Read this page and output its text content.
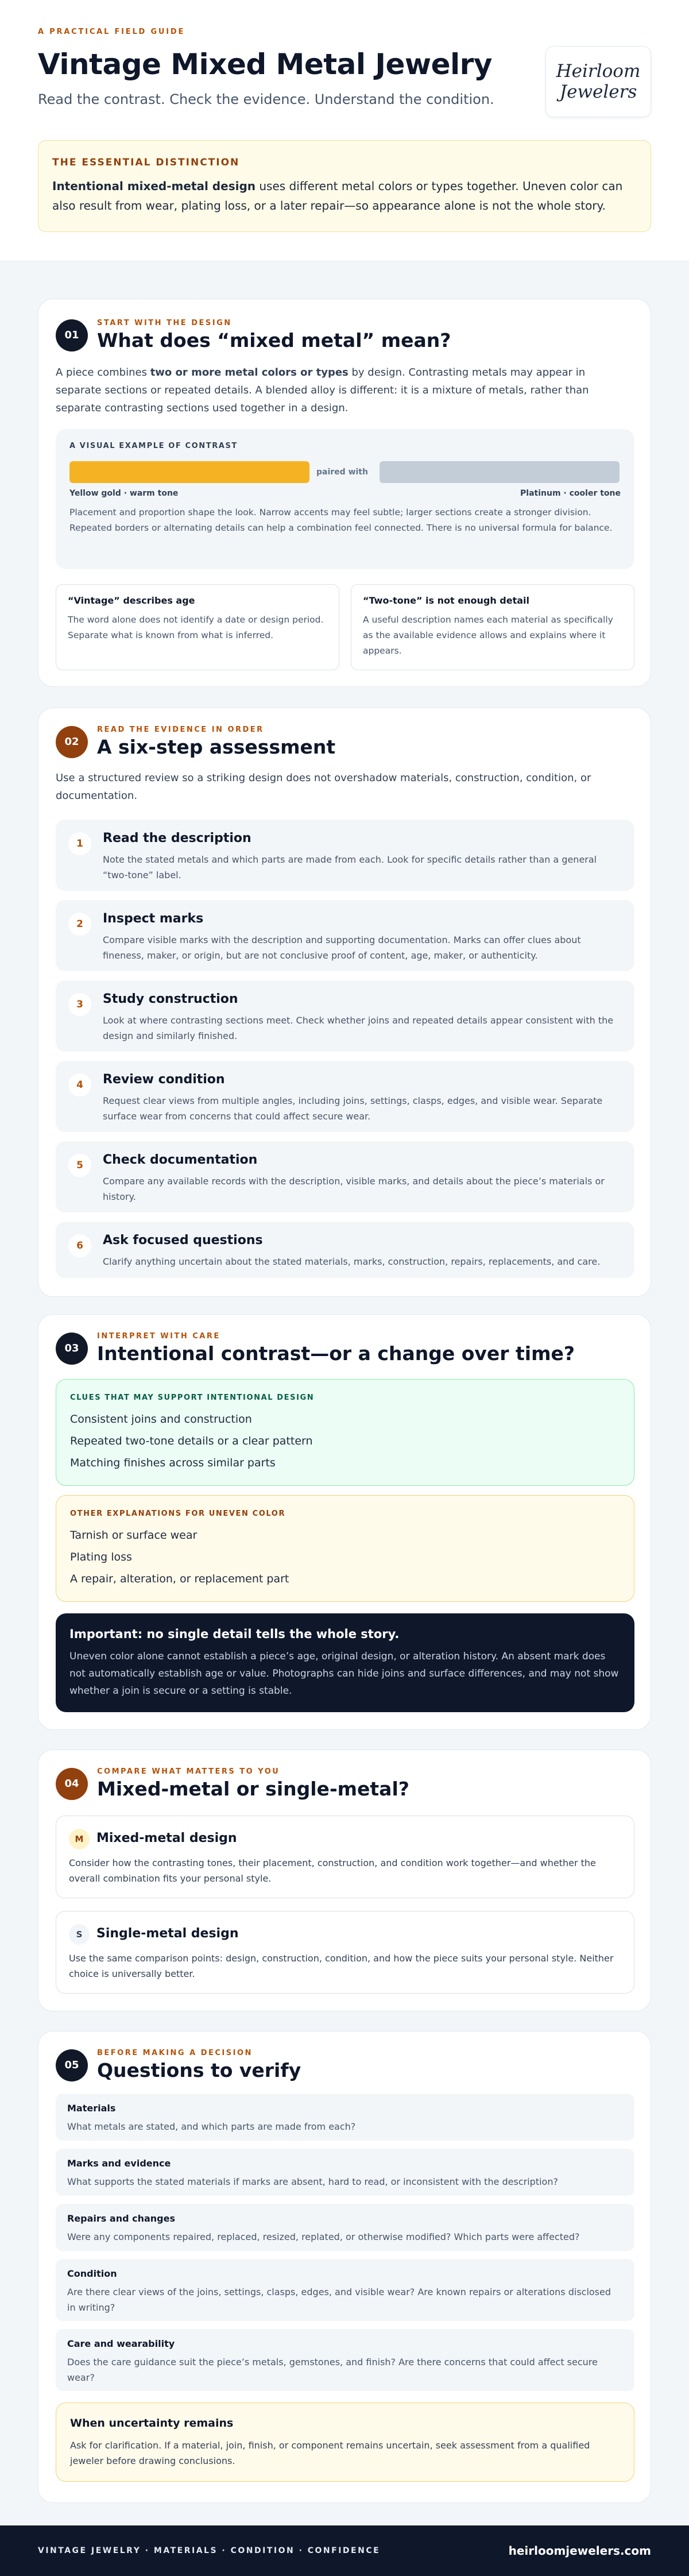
A PRACTICAL FIELD GUIDE
Vintage Mixed Metal Jewelry
Read the contrast. Check the evidence. Understand the condition.
Heirloom
Jewelers
THE ESSENTIAL DISTINCTION

Intentional mixed-metal design uses different metal colors or types together. Uneven color can also result from wear, plating loss, or a later repair—so appearance alone is not the whole story.

01
START WITH THE DESIGN
What does “mixed metal” mean?

A piece combines two or more metal colors or types by design. Contrasting metals may appear in separate sections or repeated details. A blended alloy is different: it is a mixture of metals, rather than separate contrasting sections used together in a design.

A VISUAL EXAMPLE OF CONTRAST
paired with
Yellow gold · warm tone	Platinum · cooler tone

Placement and proportion shape the look. Narrow accents may feel subtle; larger sections create a stronger division. Repeated borders or alternating details can help a combination feel connected. There is no universal formula for balance.

“Vintage” describes age

The word alone does not identify a date or design period. Separate what is known from what is inferred.

“Two-tone” is not enough detail

A useful description names each material as specifically as the available evidence allows and explains where it appears.

02
READ THE EVIDENCE IN ORDER
A six-step assessment

Use a structured review so a striking design does not overshadow materials, construction, condition, or documentation.

1	Read the description

Note the stated metals and which parts are made from each. Look for specific details rather than a general “two-tone” label.

2	Inspect marks

Compare visible marks with the description and supporting documentation. Marks can offer clues about fineness, maker, or origin, but are not conclusive proof of content, age, maker, or authenticity.

3	Study construction

Look at where contrasting sections meet. Check whether joins and repeated details appear consistent with the design and similarly finished.

4	Review condition

Request clear views from multiple angles, including joins, settings, clasps, edges, and visible wear. Separate surface wear from concerns that could affect secure wear.

5	Check documentation

Compare any available records with the description, visible marks, and details about the piece’s materials or history.

6	Ask focused questions

Clarify anything uncertain about the stated materials, marks, construction, repairs, replacements, and care.

03
INTERPRET WITH CARE
Intentional contrast—or a change over time?
CLUES THAT MAY SUPPORT INTENTIONAL DESIGN
Consistent joins and construction
Repeated two-tone details or a clear pattern
Matching finishes across similar parts
OTHER EXPLANATIONS FOR UNEVEN COLOR
Tarnish or surface wear
Plating loss
A repair, alteration, or replacement part
Important: no single detail tells the whole story.

Uneven color alone cannot establish a piece’s age, original design, or alteration history. An absent mark does not automatically establish age or value. Photographs can hide joins and surface differences, and may not show whether a join is secure or a setting is stable.

04
COMPARE WHAT MATTERS TO YOU
Mixed-metal or single-metal?
M	Mixed-metal design

Consider how the contrasting tones, their placement, construction, and condition work together—and whether the overall combination fits your personal style.

S	Single-metal design

Use the same comparison points: design, construction, condition, and how the piece suits your personal style. Neither choice is universally better.

05
BEFORE MAKING A DECISION
Questions to verify
Materials

What metals are stated, and which parts are made from each?

Marks and evidence

What supports the stated materials if marks are absent, hard to read, or inconsistent with the description?

Repairs and changes

Were any components repaired, replaced, resized, replated, or otherwise modified? Which parts were affected?

Condition

Are there clear views of the joins, settings, clasps, edges, and visible wear? Are known repairs or alterations disclosed in writing?

Care and wearability

Does the care guidance suit the piece’s metals, gemstones, and finish? Are there concerns that could affect secure wear?

When uncertainty remains

Ask for clarification. If a material, join, finish, or component remains uncertain, seek assessment from a qualified jeweler before drawing conclusions.

VINTAGE JEWELRY · MATERIALS · CONDITION · CONFIDENCE	heirloomjewelers.com
